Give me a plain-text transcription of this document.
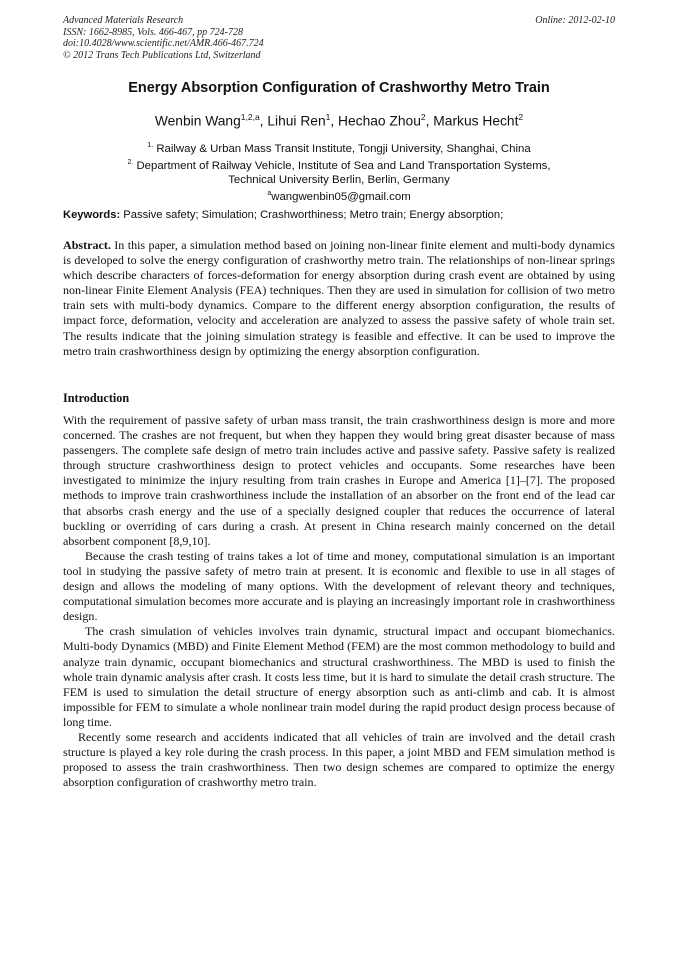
Advanced Materials Research
ISSN: 1662-8985, Vols. 466-467, pp 724-728
doi:10.4028/www.scientific.net/AMR.466-467.724
© 2012 Trans Tech Publications Ltd, Switzerland
Online: 2012-02-10
Energy Absorption Configuration of Crashworthy Metro Train
Wenbin Wang$^{1,2,a}$, Lihui Ren$^1$, Hechao Zhou$^2$, Markus Hecht$^2$
$^{1.}$ Railway & Urban Mass Transit Institute, Tongji University, Shanghai, China
$^{2.}$ Department of Railway Vehicle, Institute of Sea and Land Transportation Systems,
Technical University Berlin, Berlin, Germany
$^a$wangwenbin05@gmail.com
Keywords: Passive safety; Simulation; Crashworthiness; Metro train; Energy absorption;
Abstract. In this paper, a simulation method based on joining non-linear finite element and multi-body dynamics is developed to solve the energy configuration of crashworthy metro train. The relationships of non-linear springs which describe characters of forces-deformation for energy absorption during crash event are obtained by using non-linear Finite Element Analysis (FEA) techniques. Then they are used in simulation for collision of two metro train sets with multi-body dynamics. Compare to the different energy absorption configuration, the results of impact force, deformation, velocity and acceleration are analyzed to assess the passive safety of whole train set. The results indicate that the joining simulation strategy is feasible and effective. It can be used to improve the metro train crashworthiness design by optimizing the energy absorption configuration.
Introduction

With the requirement of passive safety of urban mass transit, the train crashworthiness design is more and more concerned. The crashes are not frequent, but when they happen they would bring great disaster because of mass passengers. The complete safe design of metro train includes active and passive safety. Passive safety is realized through structure crashworthiness design to protect vehicles and occupants. Some researches have been investigated to minimize the injury resulting from train crashes in Europe and America [1]–[7]. The proposed methods to improve train crashworthiness include the installation of an absorber on the front end of the lead car that absorbs crash energy and the use of a specially designed coupler that reduces the occurrence of lateral buckling or overriding of cars during a crash. At present in China research mainly concerned on the detail absorbent component [8,9,10].

Because the crash testing of trains takes a lot of time and money, computational simulation is an important tool in studying the passive safety of metro train at present. It is economic and flexible to use in all stages of design and allows the modeling of many options. With the development of relevant theory and techniques, computational simulation becomes more accurate and is playing an increasingly important role in crashworthiness design.

The crash simulation of vehicles involves train dynamic, structural impact and occupant biomechanics. Multi-body Dynamics (MBD) and Finite Element Method (FEM) are the most common methodology to build and analyze train dynamic, occupant biomechanics and structural crashworthiness. The MBD is used to finish the whole train dynamic analysis after crash. It costs less time, but it is hard to simulate the detail crash structure. The FEM is used to simulation the detail structure of energy absorption such as anti-climb and cab. It is almost impossible for FEM to simulate a whole nonlinear train model during the rapid product design process because of long time.

Recently some research and accidents indicated that all vehicles of train are involved and the detail crash structure is played a key role during the crash process. In this paper, a joint MBD and FEM simulation method is proposed to assess the train crashworthiness. Then two design schemes are compared to optimize the energy absorption configuration of crashworthy metro train.
